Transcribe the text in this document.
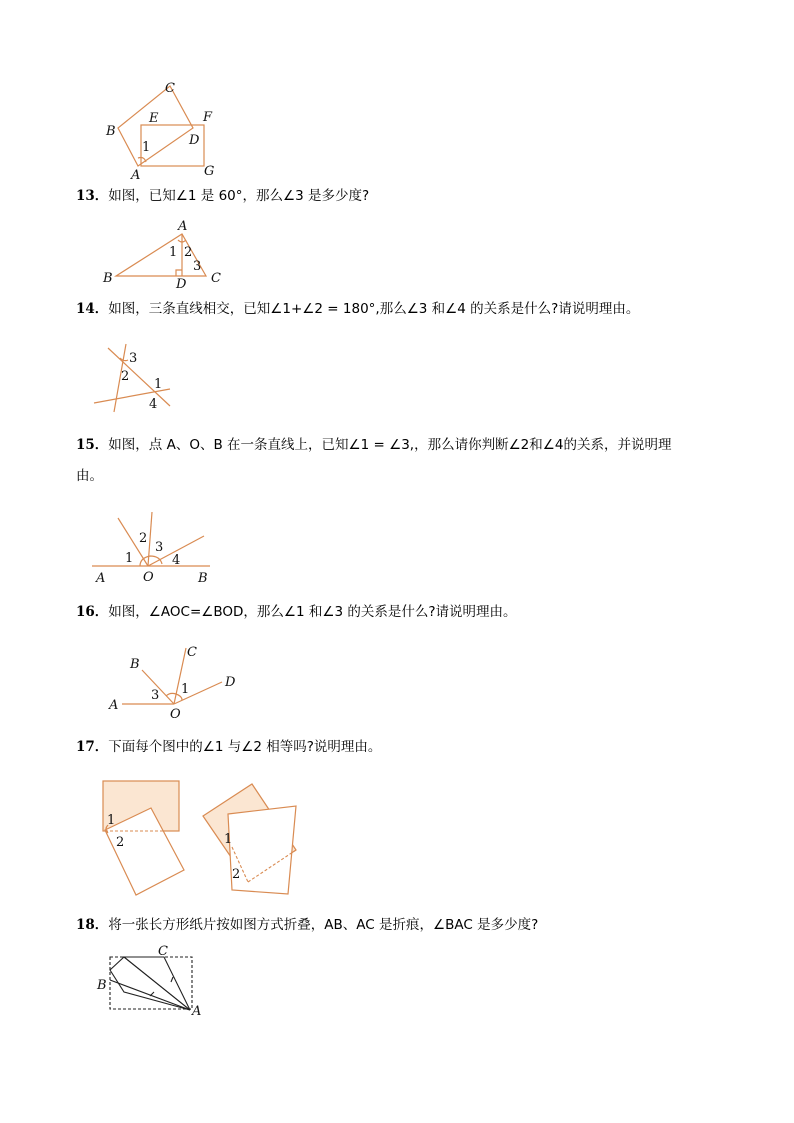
C
B
E	F
D
G
A
1
13．如图，已知∠1 是 60°，那么∠3 是多少度?
A
B	D C
1 2
3
14．如图，三条直线相交，已知∠1+∠2 = 180°,那么∠3 和∠4 的关系是什么?请说明理由。
3
2
1
4
15．如图，点 A、O、B 在一条直线上，已知∠1 = ∠3,，那么请你判断∠2和∠4的关系，并说明理
由。
1
2
3
4
A	O	B
16．如图，∠AOC=∠BOD，那么∠1 和∠3 的关系是什么?请说明理由。
B
C
D
A
O
3 1
17．下面每个图中的∠1 与∠2 相等吗?说明理由。
1
2	1
2
18．将一张长方形纸片按如图方式折叠，AB、AC 是折痕，∠BAC 是多少度?
C
B
A
